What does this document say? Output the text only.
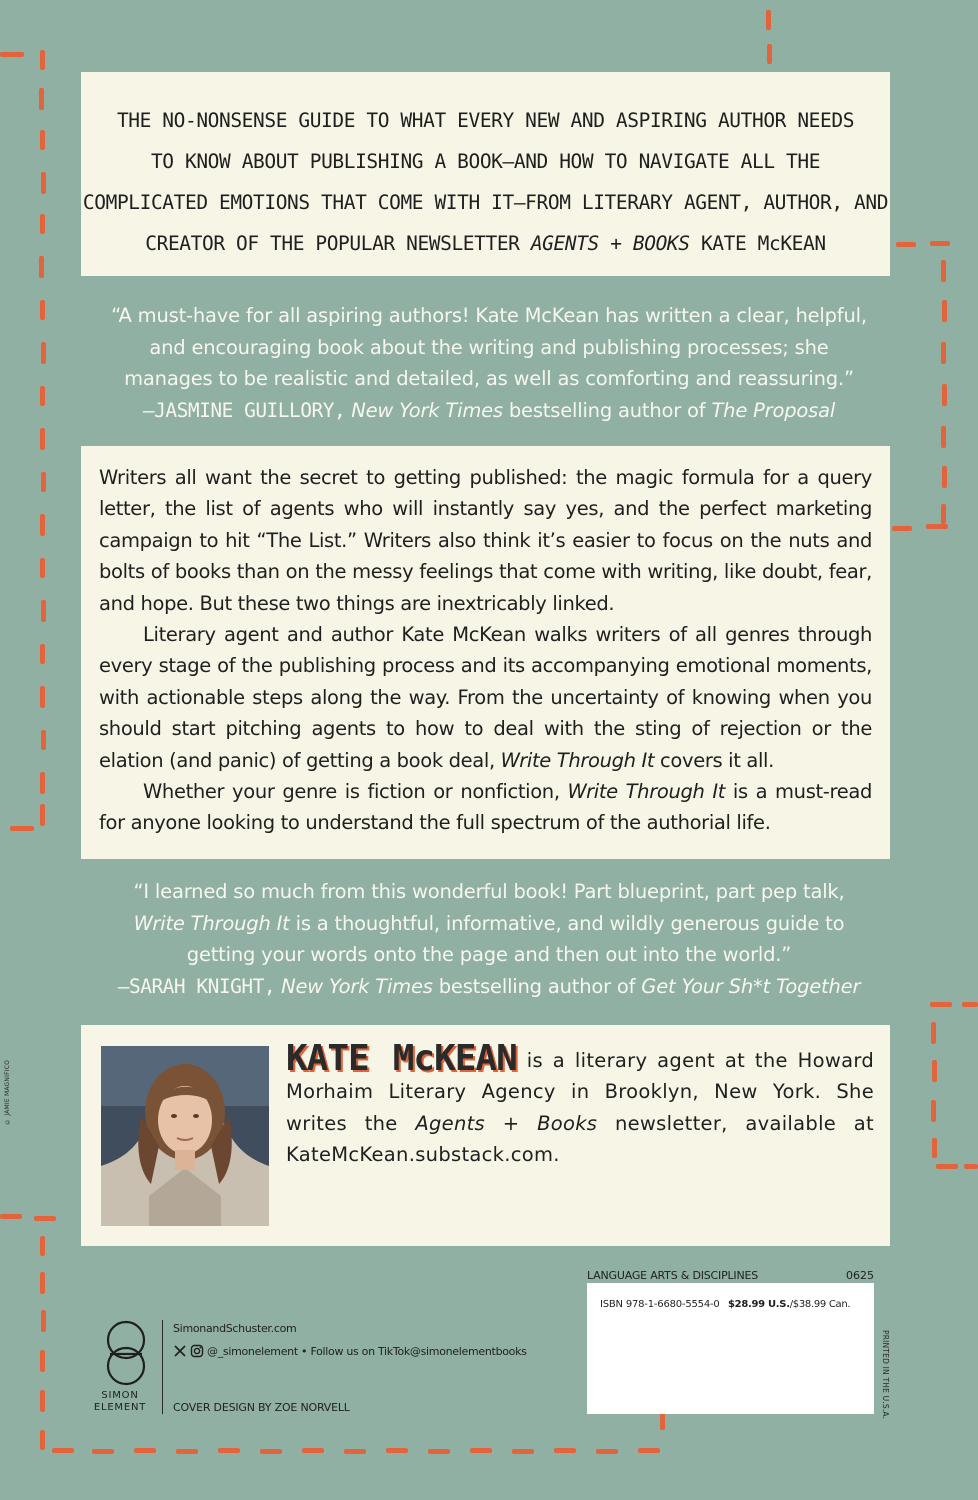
THE NO-NONSENSE GUIDE TO WHAT EVERY NEW AND ASPIRING AUTHOR NEEDS

TO KNOW ABOUT PUBLISHING A BOOK—AND HOW TO NAVIGATE ALL THE

COMPLICATED EMOTIONS THAT COME WITH IT—FROM LITERARY AGENT, AUTHOR, AND

CREATOR OF THE POPULAR NEWSLETTER AGENTS + BOOKS KATE McKEAN

“A must-have for all aspiring authors! Kate McKean has written a clear, helpful,
and encouraging book about the writing and publishing processes; she
manages to be realistic and detailed, as well as comforting and reassuring.”
—JASMINE GUILLORY, New York Times bestselling author of The Proposal

Writers all want the secret to getting published: the magic formula for a query letter, the list of agents who will instantly say yes, and the perfect marketing campaign to hit “The List.” Writers also think it’s easier to focus on the nuts and bolts of books than on the messy feelings that come with writing, like doubt, fear, and hope. But these two things are inextricably linked.

Literary agent and author Kate McKean walks writers of all genres through every stage of the publishing process and its accompanying emotional moments, with actionable steps along the way. From the uncertainty of knowing when you should start pitching agents to how to deal with the sting of rejection or the elation (and panic) of getting a book deal, Write Through It covers it all.

Whether your genre is fiction or nonfiction, Write Through It is a must-read for anyone looking to understand the full spectrum of the authorial life.

“I learned so much from this wonderful book! Part blueprint, part pep talk,
Write Through It is a thoughtful, informative, and wildly generous guide to
getting your words onto the page and then out into the world.”
—SARAH KNIGHT, New York Times bestselling author of Get Your Sh*t Together
KATE McKEAN is a literary agent at the Howard Morhaim Literary Agency in Brooklyn, New York. She writes the Agents + Books newsletter, available at KateMcKean.substack.com.
© JAMIE MAGNIFICO
LANGUAGE ARTS & DISCIPLINES	0625
ISBN 978-1-6680-5554-0 $28.99 U.S./$38.99 Can.
PRINTED IN THE U.S.A.
SIMON
ELEMENT
SimonandSchuster.com
@_simonelement • Follow us on TikTok@simonelementbooks
COVER DESIGN BY ZOE NORVELL
